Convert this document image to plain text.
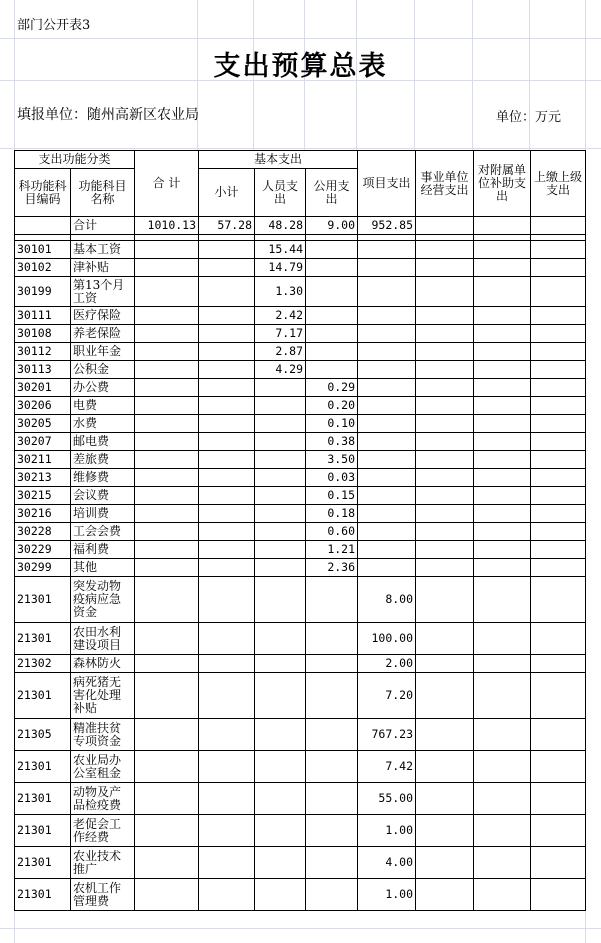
部门公开表3
支出预算总表
填报单位：随州高新区农业局	单位：万元
支出功能分类		合 计	基本支出			项目支出	事业单位经营支出	对附属单位补助支出	上缴上级支出
科功能科目编码	功能科目名称		小计	人员支出	公用支出				
	合计	1010.13	57.28	48.28	9.00	952.85			

30101	基本工资			15.44					
30102	津补贴			14.79					
30199	第13个月工资			1.30					
30111	医疗保险			2.42					
30108	养老保险			7.17					
30112	职业年金			2.87					
30113	公积金			4.29					
30201	办公费				0.29				
30206	电费				0.20				
30205	水费				0.10				
30207	邮电费				0.38				
30211	差旅费				3.50				
30213	维修费				0.03				
30215	会议费				0.15				
30216	培训费				0.18				
30228	工会会费				0.60				
30229	福利费				1.21				
30299	其他				2.36				
21301	突发动物疫病应急资金					8.00			
21301	农田水利建设项目					100.00			
21302	森林防火					2.00			
21301	病死猪无害化处理补贴					7.20			
21305	精准扶贫专项资金					767.23			
21301	农业局办公室租金					7.42			
21301	动物及产品检疫费					55.00			
21301	老促会工作经费					1.00			
21301	农业技术推广					4.00			
21301	农机工作管理费					1.00			
